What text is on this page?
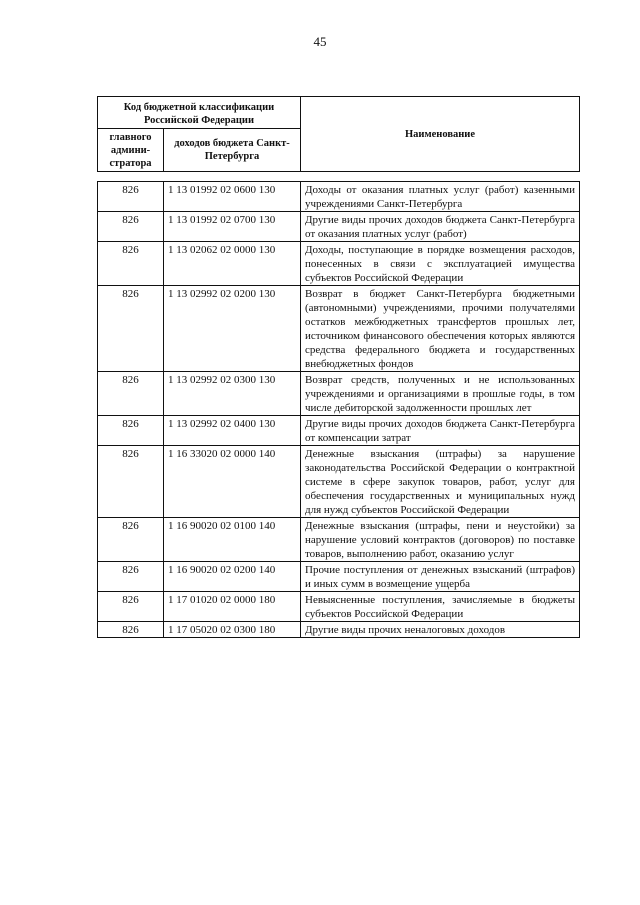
45
Код бюджетной классификации Российской Федерации		Наименование
главного админи-стратора	доходов бюджета Санкт-Петербурга	
826	1 13 01992 02 0600 130	Доходы от оказания платных услуг (работ) казенными учреждениями Санкт-Петербурга
826	1 13 01992 02 0700 130	Другие виды прочих доходов бюджета Санкт-Петербурга от оказания платных услуг (работ)
826	1 13 02062 02 0000 130	Доходы, поступающие в порядке возмещения расходов, понесенных в связи с эксплуатацией имущества субъектов Российской Федерации
826	1 13 02992 02 0200 130	Возврат в бюджет Санкт-Петербурга бюджетными (автономными) учреждениями, прочими получателями остатков межбюджетных трансфертов прошлых лет, источником финансового обеспечения которых являются средства федерального бюджета и государственных внебюджетных фондов
826	1 13 02992 02 0300 130	Возврат средств, полученных и не использованных учреждениями и организациями в прошлые годы, в том числе дебиторской задолженности прошлых лет
826	1 13 02992 02 0400 130	Другие виды прочих доходов бюджета Санкт-Петербурга от компенсации затрат
826	1 16 33020 02 0000 140	Денежные взыскания (штрафы) за нарушение законодательства Российской Федерации о контрактной системе в сфере закупок товаров, работ, услуг для обеспечения государственных и муниципальных нужд для нужд субъектов Российской Федерации
826	1 16 90020 02 0100 140	Денежные взыскания (штрафы, пени и неустойки) за нарушение условий контрактов (договоров) по поставке товаров, выполнению работ, оказанию услуг
826	1 16 90020 02 0200 140	Прочие поступления от денежных взысканий (штрафов) и иных сумм в возмещение ущерба
826	1 17 01020 02 0000 180	Невыясненные поступления, зачисляемые в бюджеты субъектов Российской Федерации
826	1 17 05020 02 0300 180	Другие виды прочих неналоговых доходов
